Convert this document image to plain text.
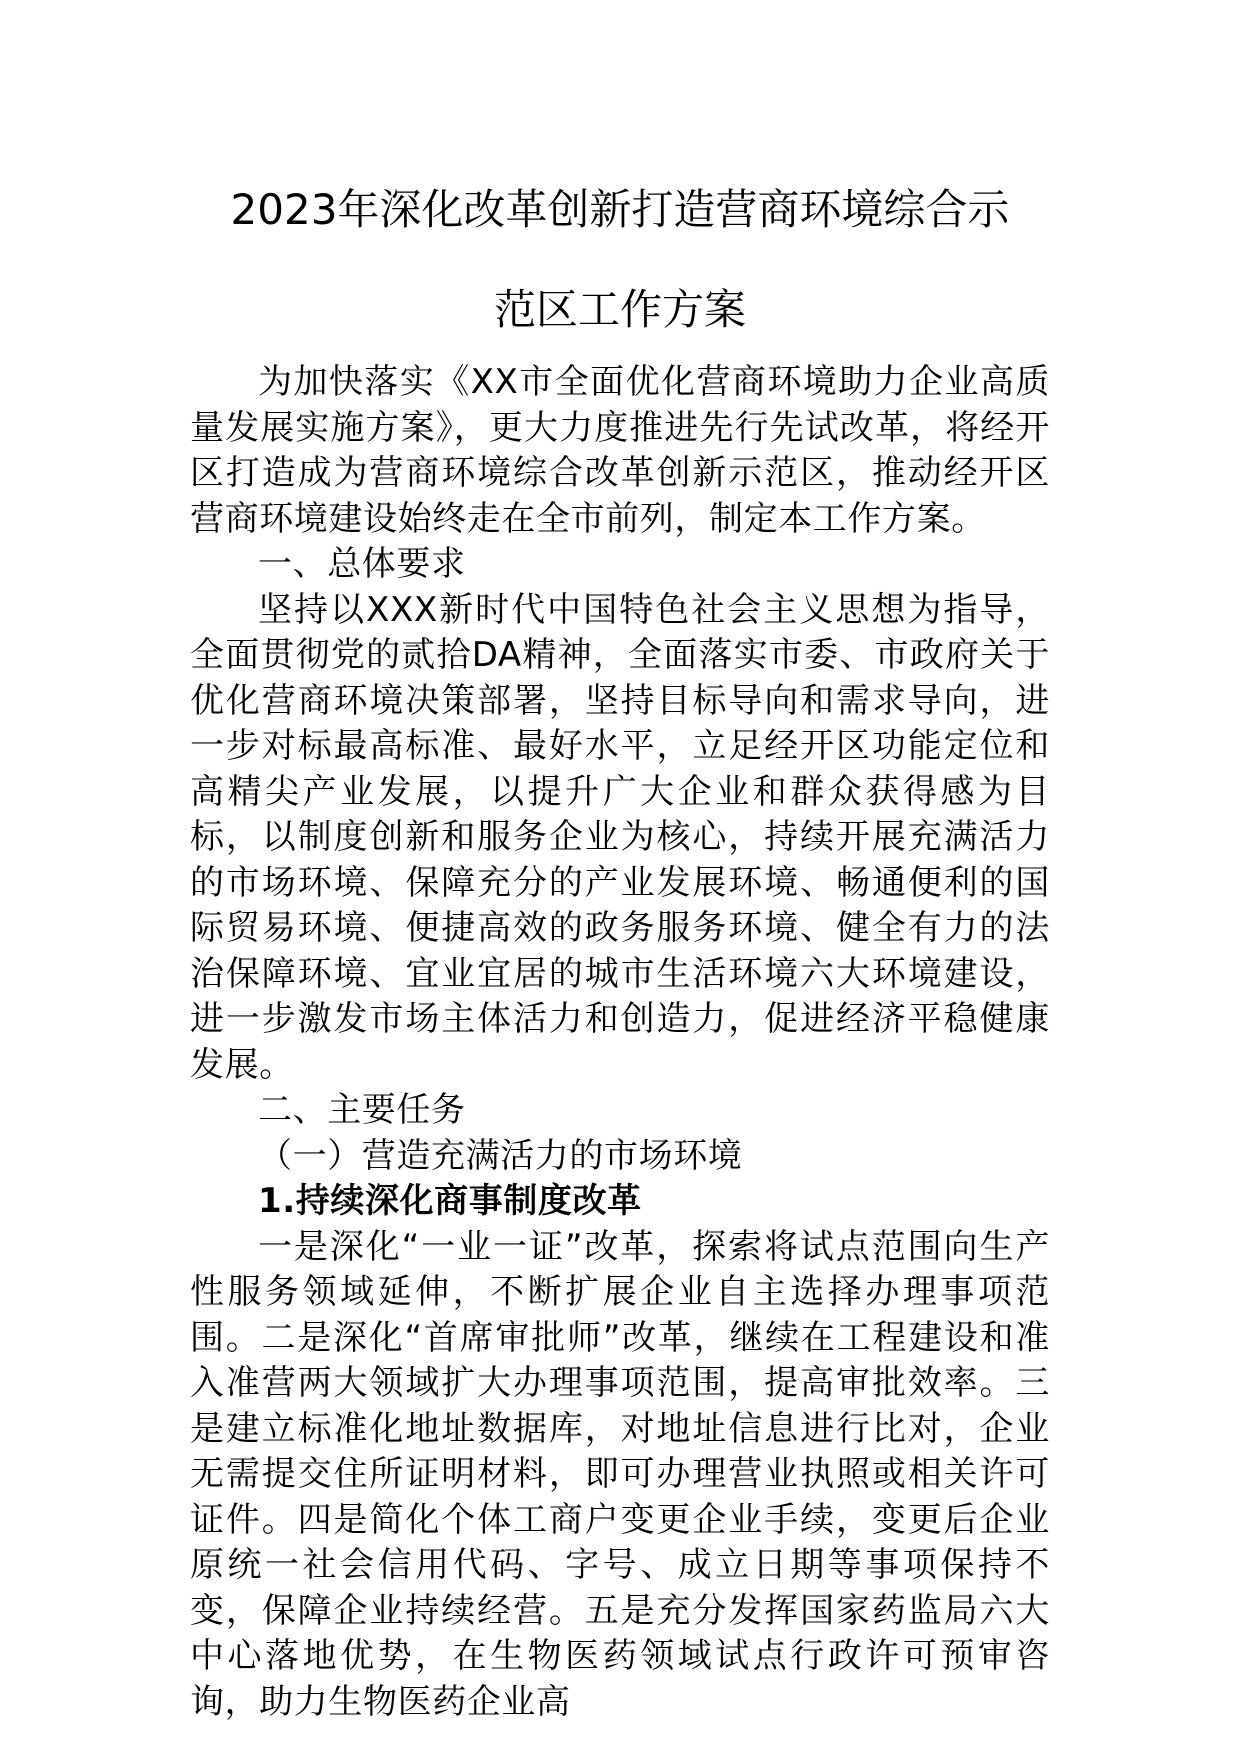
2023年深化改革创新打造营商环境综合示
范区工作方案

为加快落实《XX市全面优化营商环境助力企业高质量发展实施方案》，更大力度推进先行先试改革，将经开区打造成为营商环境综合改革创新示范区，推动经开区营商环境建设始终走在全市前列，制定本工作方案。

一、总体要求

坚持以XXX新时代中国特色社会主义思想为指导，全面贯彻党的贰拾DA精神，全面落实市委、市政府关于优化营商环境决策部署，坚持目标导向和需求导向，进一步对标最高标准、最好水平，立足经开区功能定位和高精尖产业发展，以提升广大企业和群众获得感为目标，以制度创新和服务企业为核心，持续开展充满活力的市场环境、保障充分的产业发展环境、畅通便利的国际贸易环境、便捷高效的政务服务环境、健全有力的法治保障环境、宜业宜居的城市生活环境六大环境建设，进一步激发市场主体活力和创造力，促进经济平稳健康发展。

二、主要任务

（一）营造充满活力的市场环境

1.持续深化商事制度改革

一是深化“一业一证”改革，探索将试点范围向生产性服务领域延伸，不断扩展企业自主选择办理事项范围。二是深化“首席审批师”改革，继续在工程建设和准入准营两大领域扩大办理事项范围，提高审批效率。三是建立标准化地址数据库，对地址信息进行比对，企业无需提交住所证明材料，即可办理营业执照或相关许可证件。四是简化个体工商户变更企业手续，变更后企业原统一社会信用代码、字号、成立日期等事项保持不变，保障企业持续经营。五是充分发挥国家药监局六大中心落地优势，在生物医药领域试点行政许可预审咨询，助力生物医药企业高
